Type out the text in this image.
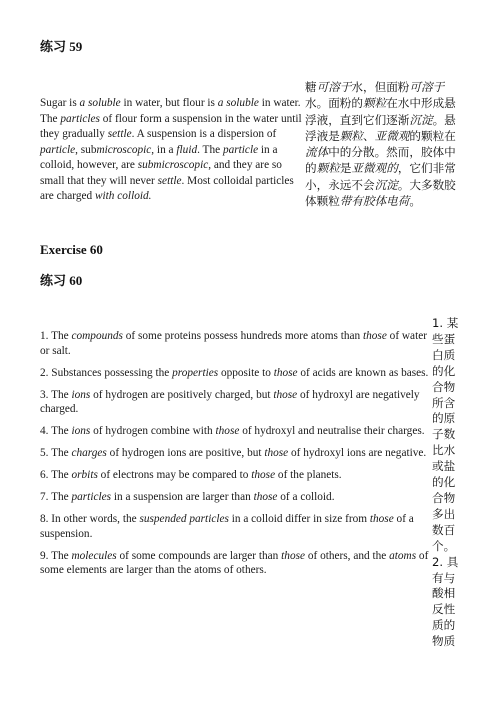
练习 59

Sugar is a soluble in water, but flour is a soluble in water. The particles of flour form a suspension in the water until they gradually settle. A suspension is a dispersion of particle, submicroscopic, in a fluid. The particle in a colloid, however, are submicroscopic, and they are so small that they will never settle. Most colloidal particles are charged with colloid.

糖可溶于水，但面粉可溶于水。面粉的颗粒在水中形成悬浮液，直到它们逐渐沉淀。悬浮液是颗粒、亚微观的颗粒在流体中的分散。然而，胶体中的颗粒是亚微观的，它们非常小，永远不会沉淀。大多数胶体颗粒带有胶体电荷。

Exercise 60
练习 60

1. The compounds of some proteins possess hundreds more atoms than those of water or salt.

2. Substances possessing the properties opposite to those of acids are known as bases.

3. The ions of hydrogen are positively charged, but those of hydroxyl are negatively charged.

4. The ions of hydrogen combine with those of hydroxyl and neutralise their charges.

5. The charges of hydrogen ions are positive, but those of hydroxyl ions are negative.

6. The orbits of electrons may be compared to those of the planets.

7. The particles in a suspension are larger than those of a colloid.

8. In other words, the suspended particles in a colloid differ in size from those of a suspension.

9. The molecules of some compounds are larger than those of others, and the atoms of some elements are larger than the atoms of others.

1. 某些蛋白质的化合物所含的原子数比水或盐的化合物多出数百个。2. 具有与酸相反性质的物质
